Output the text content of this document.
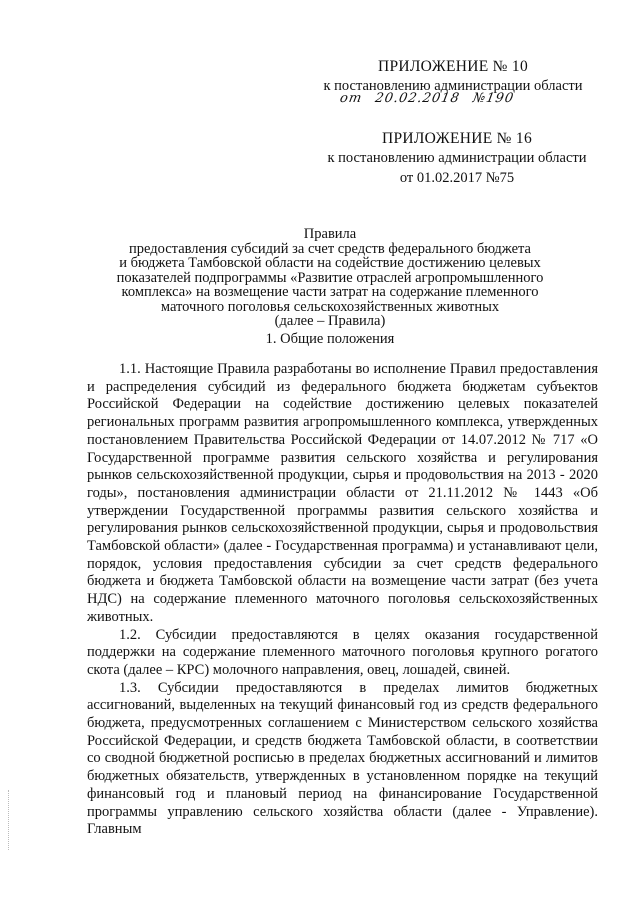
ПРИЛОЖЕНИЕ № 10
к постановлению администрации области
от 20.02.2018 №190
ПРИЛОЖЕНИЕ № 16
к постановлению администрации области
от 01.02.2017 №75
Правила
предоставления субсидий за счет средств федерального бюджета
и бюджета Тамбовской области на содействие достижению целевых
показателей подпрограммы «Развитие отраслей агропромышленного
комплекса» на возмещение части затрат на содержание племенного
маточного поголовья сельскохозяйственных животных
(далее – Правила)
1. Общие положения

1.1. Настоящие Правила разработаны во исполнение Правил предоставления и распределения субсидий из федерального бюджета бюджетам субъектов Российской Федерации на содействие достижению целевых показателей региональных программ развития агропромышленного комплекса, утвержденных постановлением Правительства Российской Федерации от 14.07.2012 № 717 «О Государственной программе развития сельского хозяйства и регулирования рынков сельскохозяйственной продукции, сырья и продовольствия на 2013 - 2020 годы», постановления администрации области от 21.11.2012 № 1443 «Об утверждении Государственной программы развития сельского хозяйства и регулирования рынков сельскохозяйственной продукции, сырья и продовольствия Тамбовской области» (далее - Государственная программа) и устанавливают цели, порядок, условия предоставления субсидии за счет средств федерального бюджета и бюджета Тамбовской области на возмещение части затрат (без учета НДС) на содержание племенного маточного поголовья сельскохозяйственных животных.

1.2. Субсидии предоставляются в целях оказания государственной поддержки на содержание племенного маточного поголовья крупного рогатого скота (далее – КРС) молочного направления, овец, лошадей, свиней.

1.3. Субсидии предоставляются в пределах лимитов бюджетных ассигнований, выделенных на текущий финансовый год из средств федерального бюджета, предусмотренных соглашением с Министерством сельского хозяйства Российской Федерации, и средств бюджета Тамбовской области, в соответствии со сводной бюджетной росписью в пределах бюджетных ассигнований и лимитов бюджетных обязательств, утвержденных в установленном порядке на текущий финансовый год и плановый период на финансирование Государственной программы управлению сельского хозяйства области (далее - Управление). Главным
